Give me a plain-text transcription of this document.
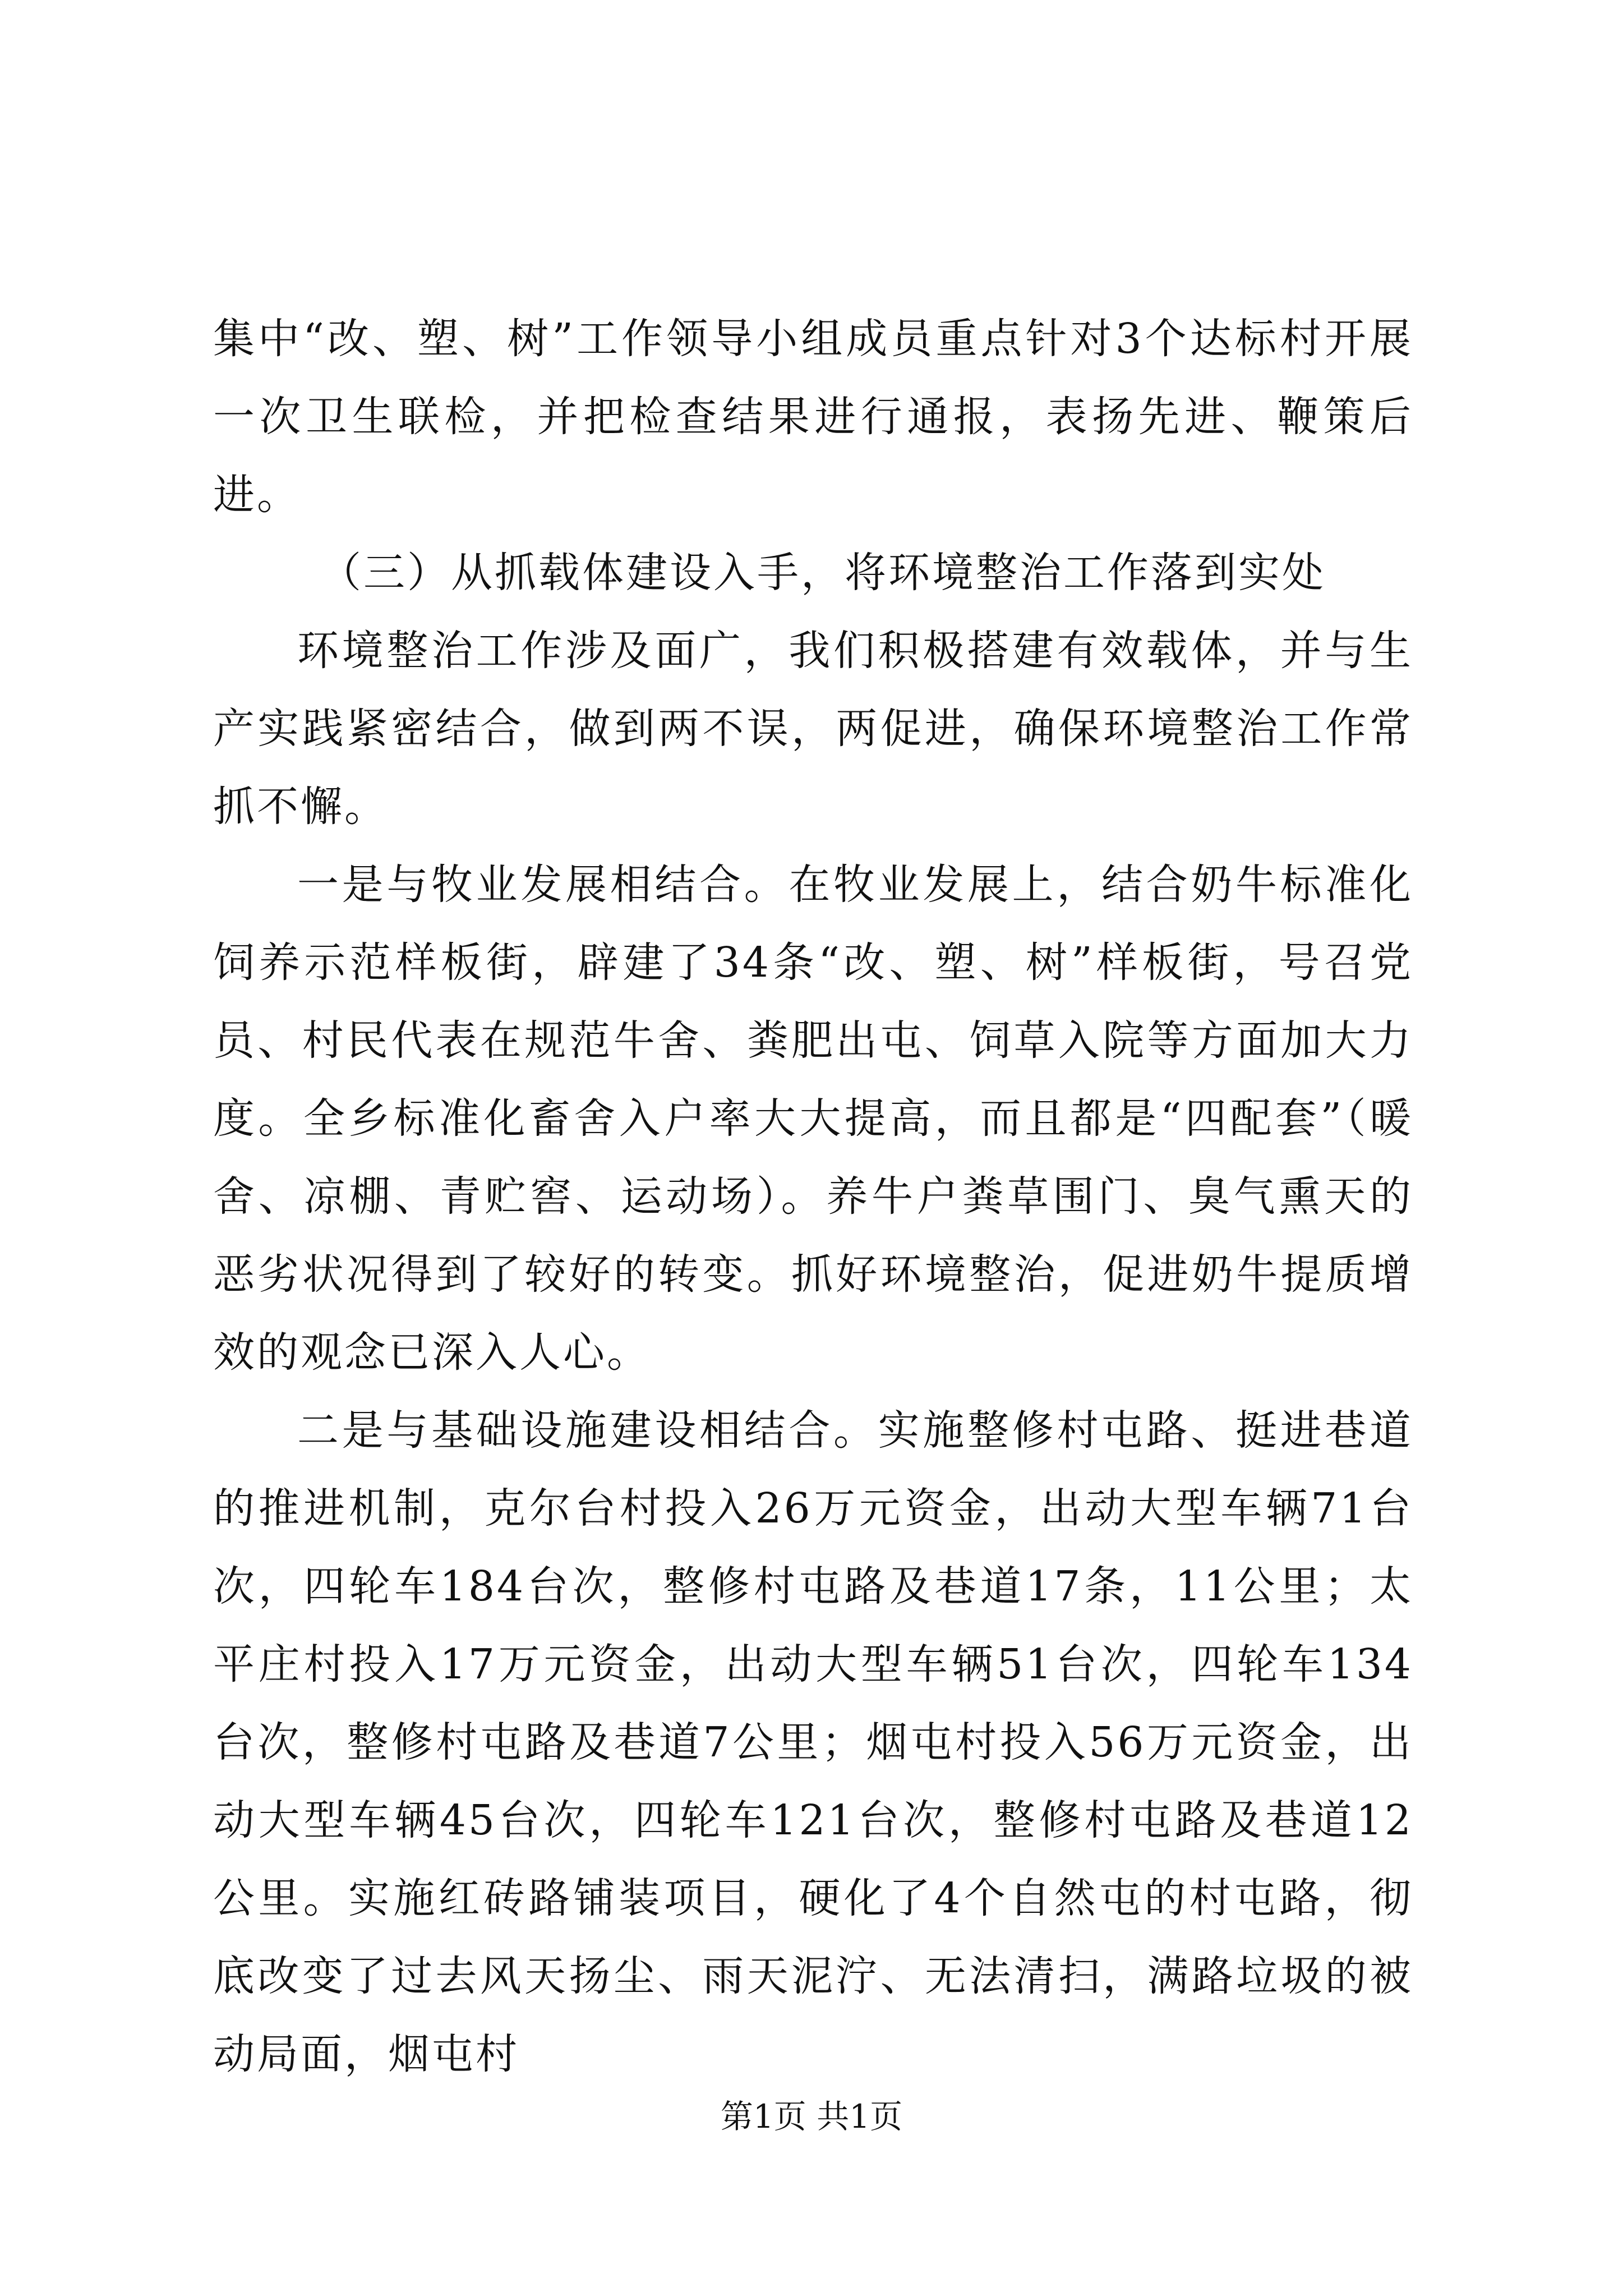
集中“改、塑、树”工作领导小组成员重点针对3个达标村开展一次卫生联检，并把检查结果进行通报，表扬先进、鞭策后进。

（三）从抓载体建设入手，将环境整治工作落到实处

环境整治工作涉及面广，我们积极搭建有效载体，并与生产实践紧密结合，做到两不误，两促进，确保环境整治工作常抓不懈。

一是与牧业发展相结合。在牧业发展上，结合奶牛标准化饲养示范样板街，辟建了34条“改、塑、树”样板街，号召党员、村民代表在规范牛舍、粪肥出屯、饲草入院等方面加大力度。全乡标准化畜舍入户率大大提高，而且都是“四配套”（暖舍、凉棚、青贮窖、运动场）。养牛户粪草围门、臭气熏天的恶劣状况得到了较好的转变。抓好环境整治，促进奶牛提质增效的观念已深入人心。

二是与基础设施建设相结合。实施整修村屯路、挺进巷道的推进机制，克尔台村投入26万元资金，出动大型车辆71台次，四轮车184台次，整修村屯路及巷道17条，11公里；太平庄村投入17万元资金，出动大型车辆51台次，四轮车134台次，整修村屯路及巷道7公里；烟屯村投入56万元资金，出动大型车辆45台次，四轮车121台次，整修村屯路及巷道12公里。实施红砖路铺装项目，硬化了4个自然屯的村屯路，彻底改变了过去风天扬尘、雨天泥泞、无法清扫，满路垃圾的被动局面，烟屯村

第1页 共1页
